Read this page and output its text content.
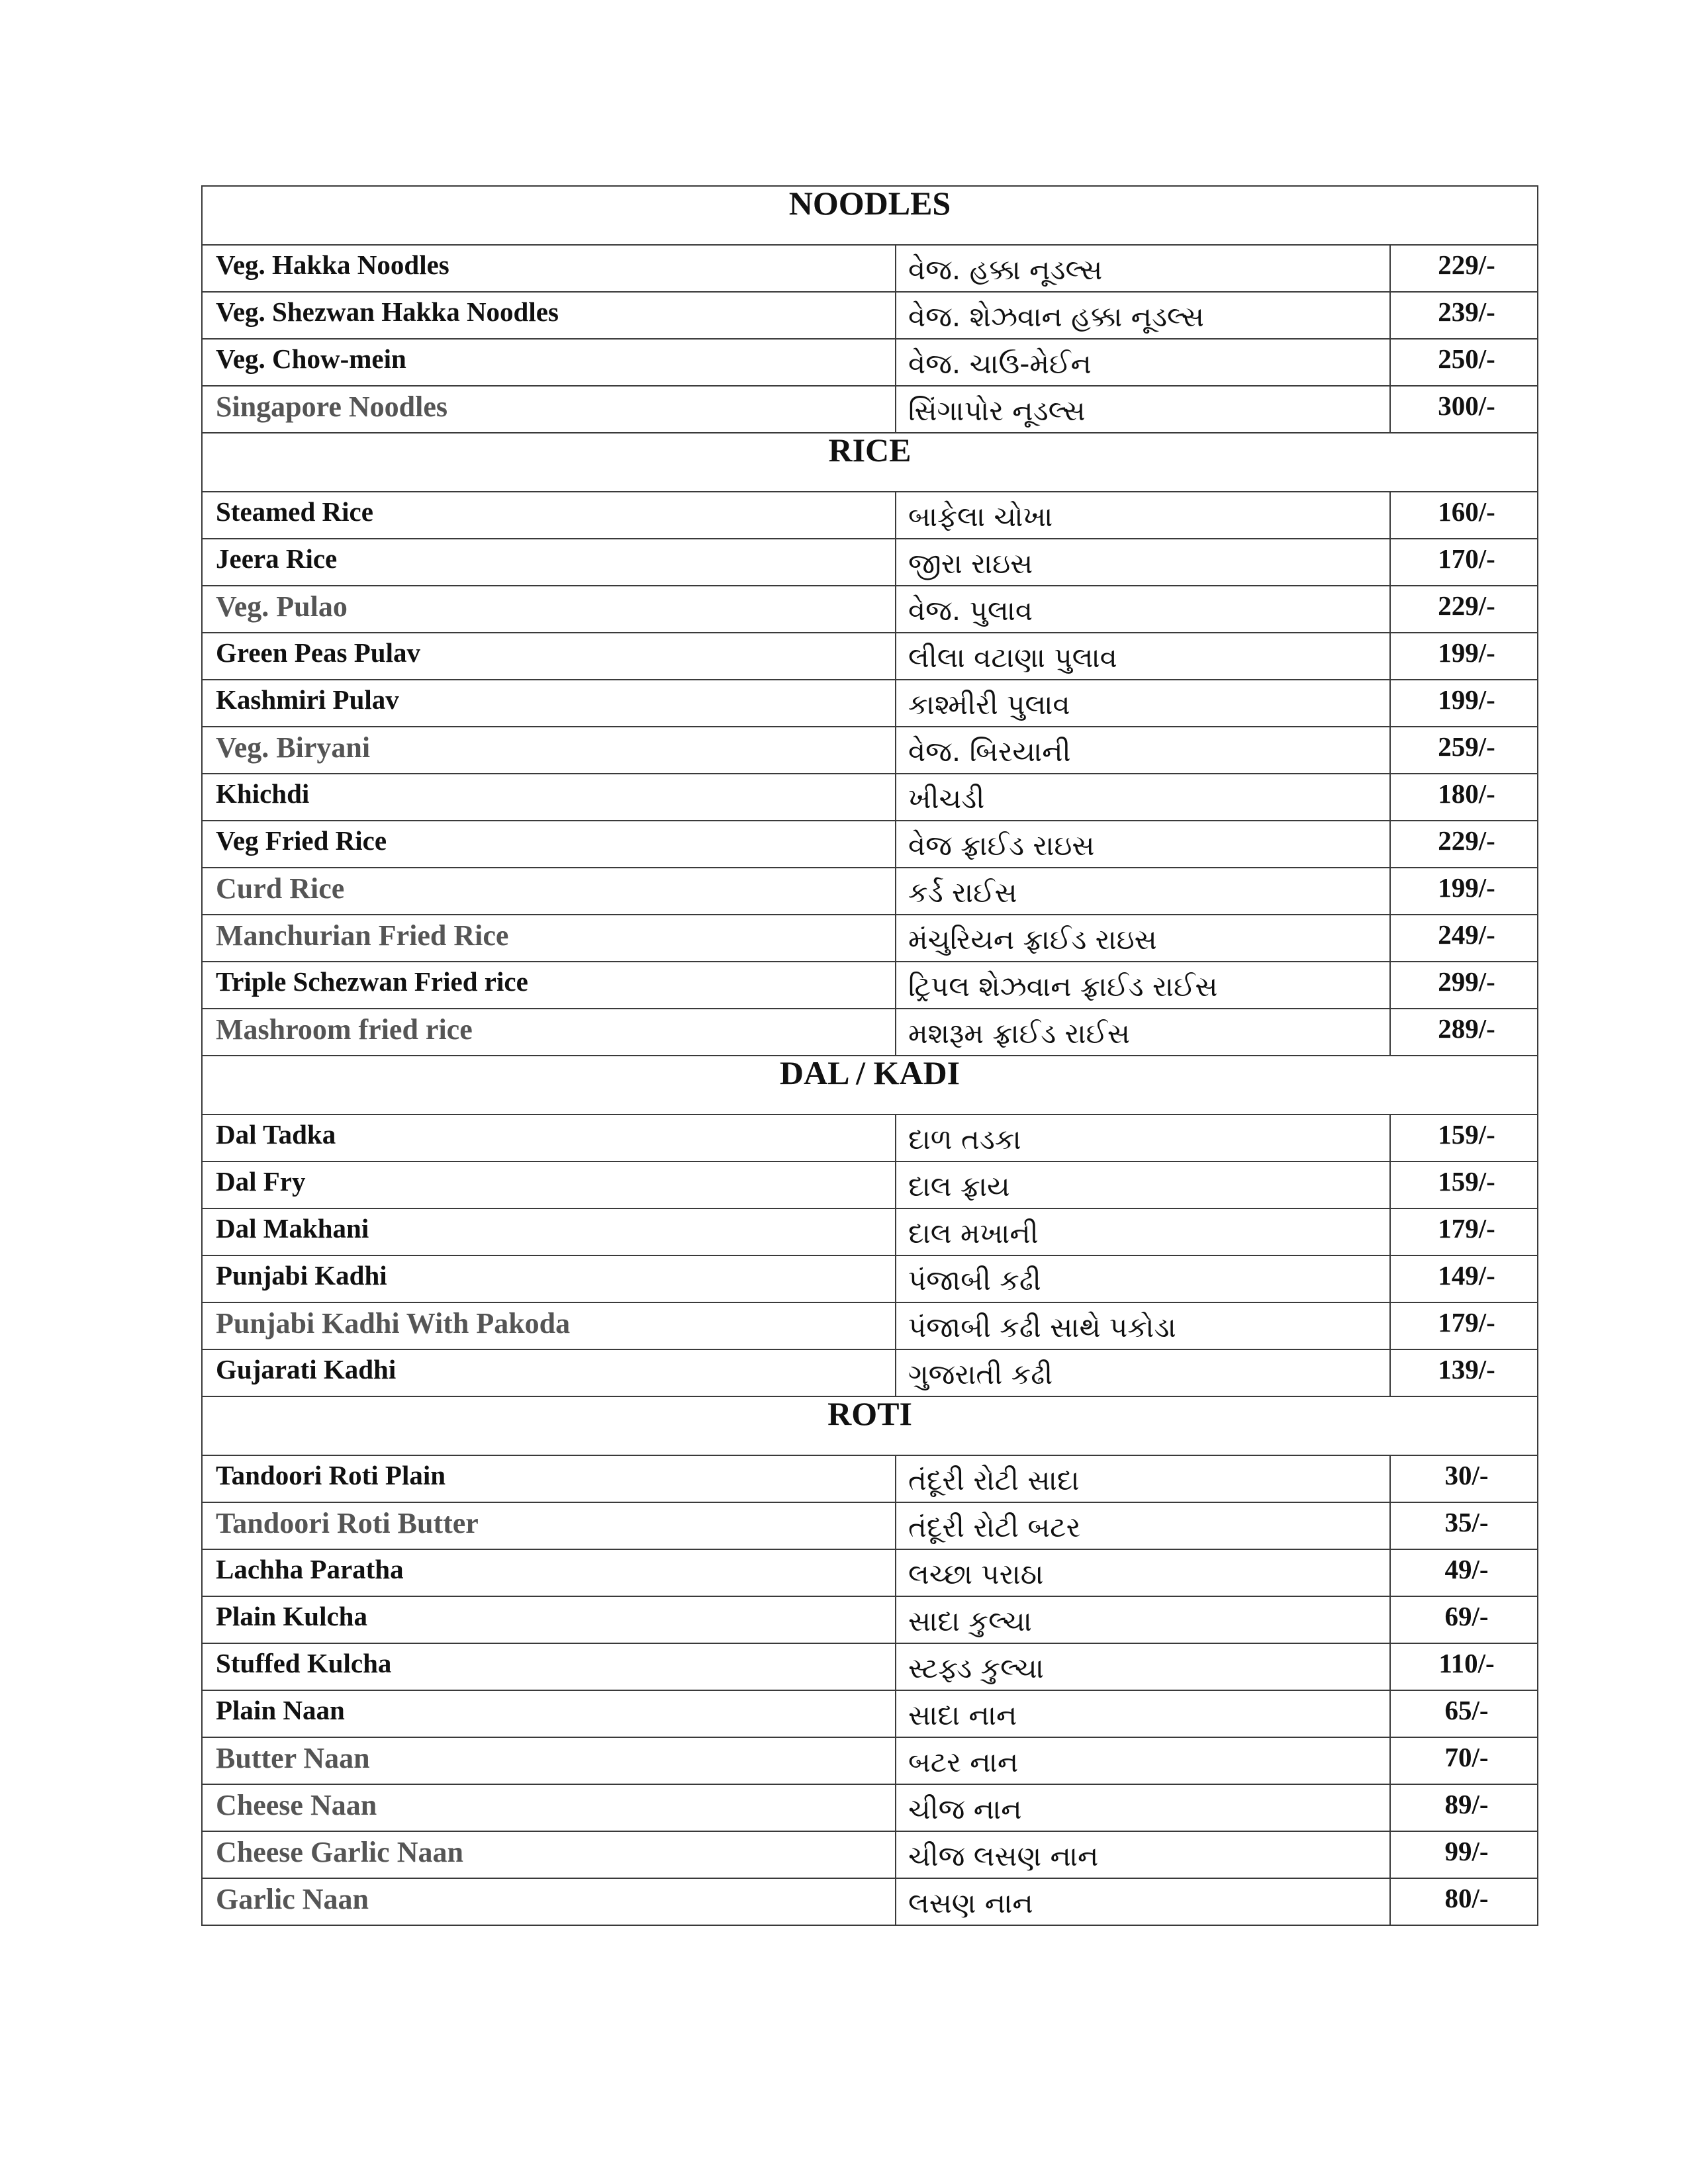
NOODLES		
Veg. Hakka Noodles	વેજ. હક્કા નૂડલ્સ	229/-
Veg. Shezwan Hakka Noodles	વેજ. શેઝવાન હક્કા નૂડલ્સ	239/-
Veg. Chow-mein	વેજ. ચાઉ-મેઈન	250/-
Singapore Noodles	સિંગાપોર નૂડલ્સ	300/-
RICE		
Steamed Rice	બાફેલા ચોખા	160/-
Jeera Rice	જીરા રાઇસ	170/-
Veg. Pulao	વેજ. પુલાવ	229/-
Green Peas Pulav	લીલા વટાણા પુલાવ	199/-
Kashmiri Pulav	કાશ્મીરી પુલાવ	199/-
Veg. Biryani	વેજ. બિરયાની	259/-
Khichdi	ખીચડી	180/-
Veg Fried Rice	વેજ ફ્રાઈડ રાઇસ	229/-
Curd Rice	કર્ડ રાઈસ	199/-
Manchurian Fried Rice	મંચુરિયન ફ્રાઈડ રાઇસ	249/-
Triple Schezwan Fried rice	ટ્રિપલ શેઝવાન ફ્રાઈડ રાઈસ	299/-
Mashroom fried rice	મશરૂમ ફ્રાઈડ રાઈસ	289/-
DAL / KADI		
Dal Tadka	દાળ તડકા	159/-
Dal Fry	દાલ ફ્રાય	159/-
Dal Makhani	દાલ મખાની	179/-
Punjabi Kadhi	પંજાબી કઢી	149/-
Punjabi Kadhi With Pakoda	પંજાબી કઢી સાથે પકોડા	179/-
Gujarati Kadhi	ગુજરાતી કઢી	139/-
ROTI		
Tandoori Roti Plain	તંદૂરી રોટી સાદા	30/-
Tandoori Roti Butter	તંદૂરી રોટી બટર	35/-
Lachha Paratha	લચ્છા પરાઠા	49/-
Plain Kulcha	સાદા કુલ્ચા	69/-
Stuffed Kulcha	સ્ટફ્ડ કુલ્ચા	110/-
Plain Naan	સાદા નાન	65/-
Butter Naan	બટર નાન	70/-
Cheese Naan	ચીજ નાન	89/-
Cheese Garlic Naan	ચીજ લસણ નાન	99/-
Garlic Naan	લસણ નાન	80/-
